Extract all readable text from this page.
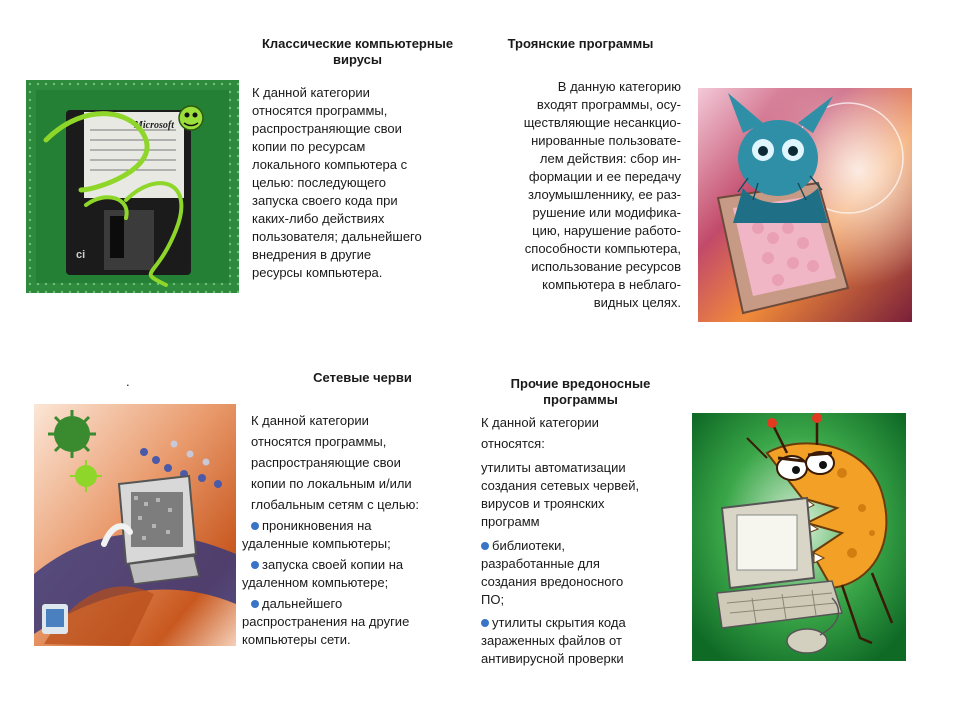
Microsoft
ci
Классические компьютерные вирусы
К данной категории
относятся программы,
распространяющие свои
копии по ресурсам
локального компьютера с
целью: последующего
запуска своего кода при
каких-либо действиях
пользователя; дальнейшего
внедрения в другие
ресурсы компьютера.
Троянские программы
В данную категорию
входят программы, осу-
ществляющие несанкцио-
нированные пользовате-
лем действия: сбор ин-
формации и ее передачу
злоумышленнику, ее раз-
рушение или модифика-
цию, нарушение работо-
способности компьютера,
использование ресурсов
компьютера в неблаго-
видных целях.
.	Сетевые черви
К данной категории
относятся программы,
распространяющие свои
копии по локальным и/или
глобальным сетям с целью:
проникновения на
удаленные компьютеры;
запуска своей копии на
удаленном компьютере;
дальнейшего
распространения на другие
компьютеры сети.
Прочие вредоносные программы
К данной категории
относятся:
утилиты автоматизации
создания сетевых червей,
вирусов и троянских
программ
библиотеки,
разработанные для
создания вредоносного
ПО;
утилиты скрытия кода
зараженных файлов от
антивирусной проверки
